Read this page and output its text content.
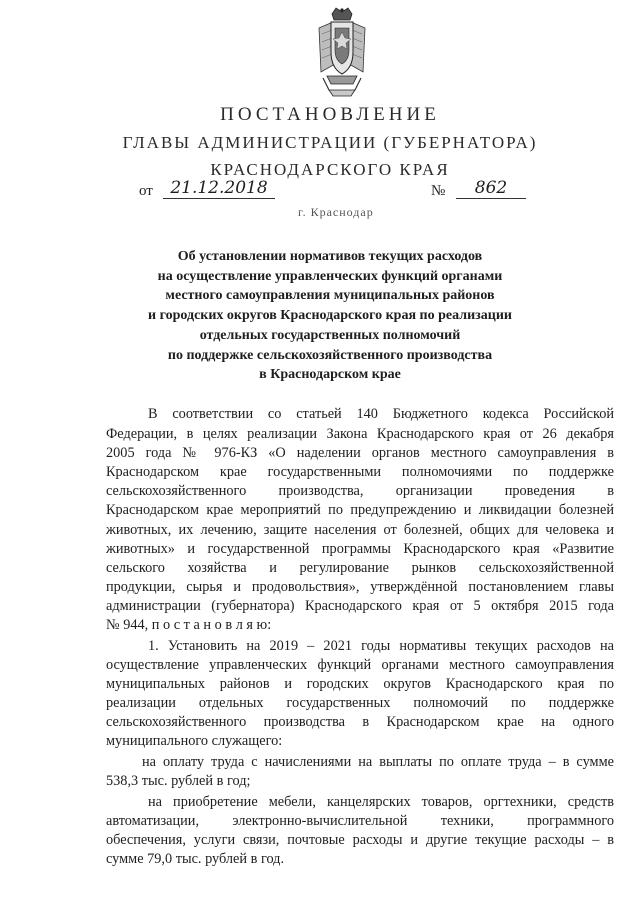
ПОСТАНОВЛЕНИЕ
ГЛАВЫ АДМИНИСТРАЦИИ (ГУБЕРНАТОРА)
КРАСНОДАРСКОГО КРАЯ
от	21.12.2018	№	862
г. Краснодар
Об установлении нормативов текущих расходов
на осуществление управленческих функций органами
местного самоуправления муниципальных районов
и городских округов Краснодарского края по реализации
отдельных государственных полномочий
по поддержке сельскохозяйственного производства
в Краснодарском крае
В соответствии со статьей 140 Бюджетного кодекса Российской
Федерации, в целях реализации Закона Краснодарского края от 26 декабря
2005 года № 976-КЗ «О наделении органов местного самоуправления в
Краснодарском крае государственными полномочиями по поддержке
сельскохозяйственного производства, организации проведения в
Краснодарском крае мероприятий по предупреждению и ликвидации болезней
животных, их лечению, защите населения от болезней, общих для человека и
животных» и государственной программы Краснодарского края «Развитие
сельского хозяйства и регулирование рынков сельскохозяйственной
продукции, сырья и продовольствия», утверждённой постановлением главы
администрации (губернатора) Краснодарского края от 5 октября 2015 года
№ 944, п о с т а н о в л я ю:
1. Установить на 2019 – 2021 годы нормативы текущих расходов на
осуществление управленческих функций органами местного самоуправления
муниципальных районов и городских округов Краснодарского края по
реализации отдельных государственных полномочий по поддержке
сельскохозяйственного производства в Краснодарском крае на одного
муниципального служащего:
на оплату труда с начислениями на выплаты по оплате труда – в сумме
538,3 тыс. рублей в год;
на приобретение мебели, канцелярских товаров, оргтехники, средств
автоматизации, электронно-вычислительной техники, программного
обеспечения, услуги связи, почтовые расходы и другие текущие расходы – в
сумме 79,0 тыс. рублей в год.
